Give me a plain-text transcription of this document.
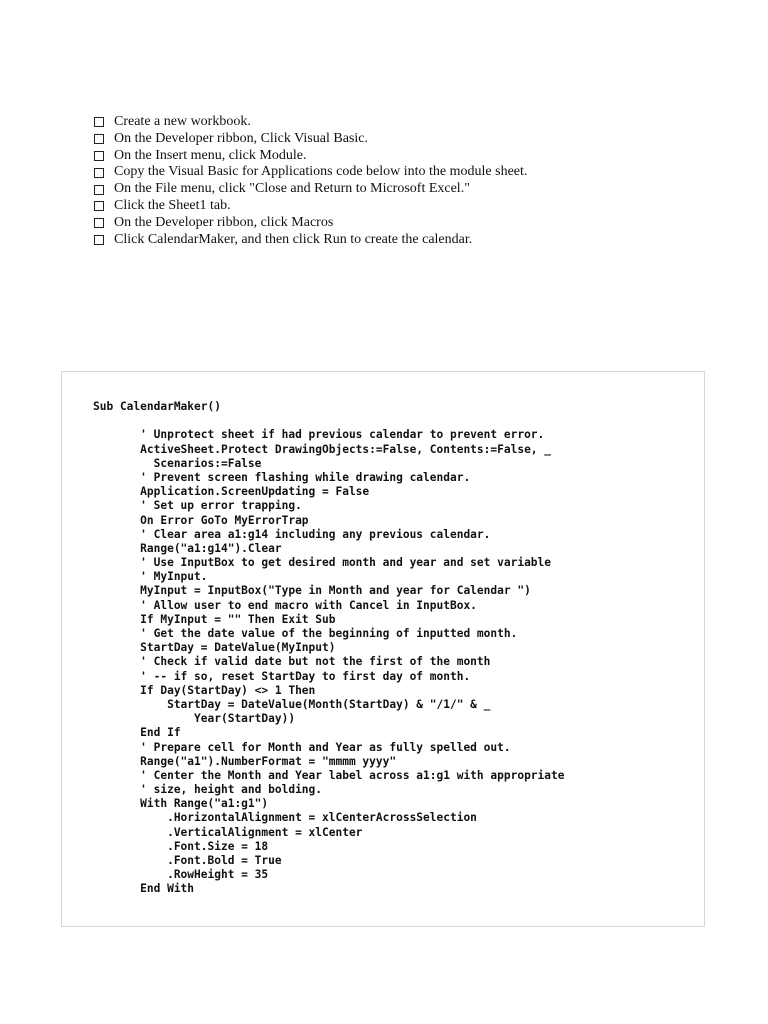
Create a new workbook.
On the Developer ribbon, Click Visual Basic.
On the Insert menu, click Module.
Copy the Visual Basic for Applications code below into the module sheet.
On the File menu, click "Close and Return to Microsoft Excel."
Click the Sheet1 tab.
On the Developer ribbon, click Macros
Click CalendarMaker, and then click Run to create the calendar.
Sub CalendarMaker()
' Unprotect sheet if had previous calendar to prevent error.
ActiveSheet.Protect DrawingObjects:=False, Contents:=False, _
Scenarios:=False
' Prevent screen flashing while drawing calendar.
Application.ScreenUpdating = False
' Set up error trapping.
On Error GoTo MyErrorTrap
' Clear area a1:g14 including any previous calendar.
Range("a1:g14").Clear
' Use InputBox to get desired month and year and set variable
' MyInput.
MyInput = InputBox("Type in Month and year for Calendar ")
' Allow user to end macro with Cancel in InputBox.
If MyInput = "" Then Exit Sub
' Get the date value of the beginning of inputted month.
StartDay = DateValue(MyInput)
' Check if valid date but not the first of the month
' -- if so, reset StartDay to first day of month.
If Day(StartDay) <> 1 Then
StartDay = DateValue(Month(StartDay) & "/1/" & _
Year(StartDay))
End If
' Prepare cell for Month and Year as fully spelled out.
Range("a1").NumberFormat = "mmmm yyyy"
' Center the Month and Year label across a1:g1 with appropriate
' size, height and bolding.
With Range("a1:g1")
.HorizontalAlignment = xlCenterAcrossSelection
.VerticalAlignment = xlCenter
.Font.Size = 18
.Font.Bold = True
.RowHeight = 35
End With
